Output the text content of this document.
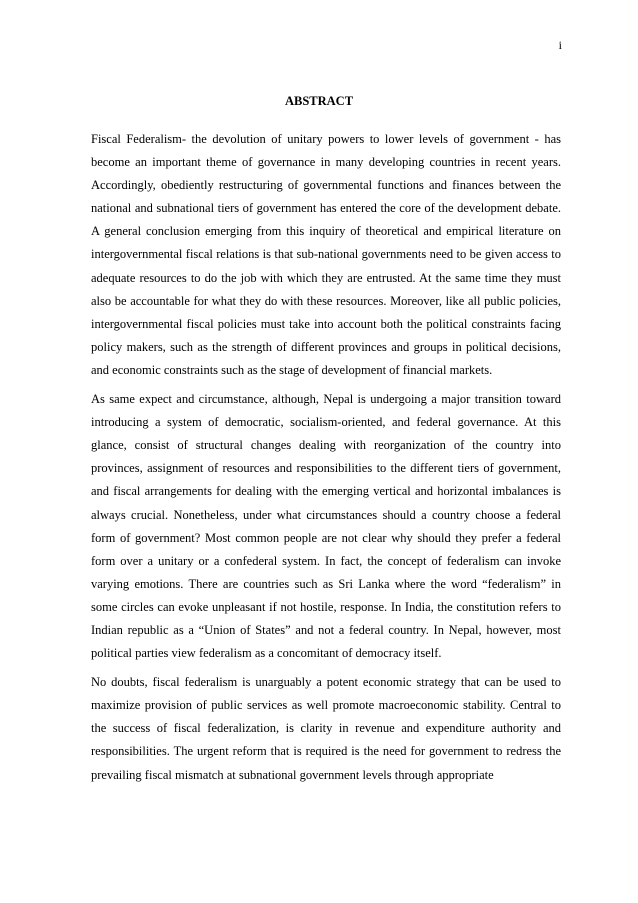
i
ABSTRACT

Fiscal Federalism- the devolution of unitary powers to lower levels of government - has become an important theme of governance in many developing countries in recent years. Accordingly, obediently restructuring of governmental functions and finances between the national and subnational tiers of government has entered the core of the development debate. A general conclusion emerging from this inquiry of theoretical and empirical literature on intergovernmental fiscal relations is that sub-national governments need to be given access to adequate resources to do the job with which they are entrusted. At the same time they must also be accountable for what they do with these resources. Moreover, like all public policies, intergovernmental fiscal policies must take into account both the political constraints facing policy makers, such as the strength of different provinces and groups in political decisions, and economic constraints such as the stage of development of financial markets.

As same expect and circumstance, although, Nepal is undergoing a major transition toward introducing a system of democratic, socialism-oriented, and federal governance. At this glance, consist of structural changes dealing with reorganization of the country into provinces, assignment of resources and responsibilities to the different tiers of government, and fiscal arrangements for dealing with the emerging vertical and horizontal imbalances is always crucial. Nonetheless, under what circumstances should a country choose a federal form of government? Most common people are not clear why should they prefer a federal form over a unitary or a confederal system. In fact, the concept of federalism can invoke varying emotions. There are countries such as Sri Lanka where the word “federalism” in some circles can evoke unpleasant if not hostile, response. In India, the constitution refers to Indian republic as a “Union of States” and not a federal country. In Nepal, however, most political parties view federalism as a concomitant of democracy itself.

No doubts, fiscal federalism is unarguably a potent economic strategy that can be used to maximize provision of public services as well promote macroeconomic stability. Central to the success of fiscal federalization, is clarity in revenue and expenditure authority and responsibilities. The urgent reform that is required is the need for government to redress the prevailing fiscal mismatch at subnational government levels through appropriate
